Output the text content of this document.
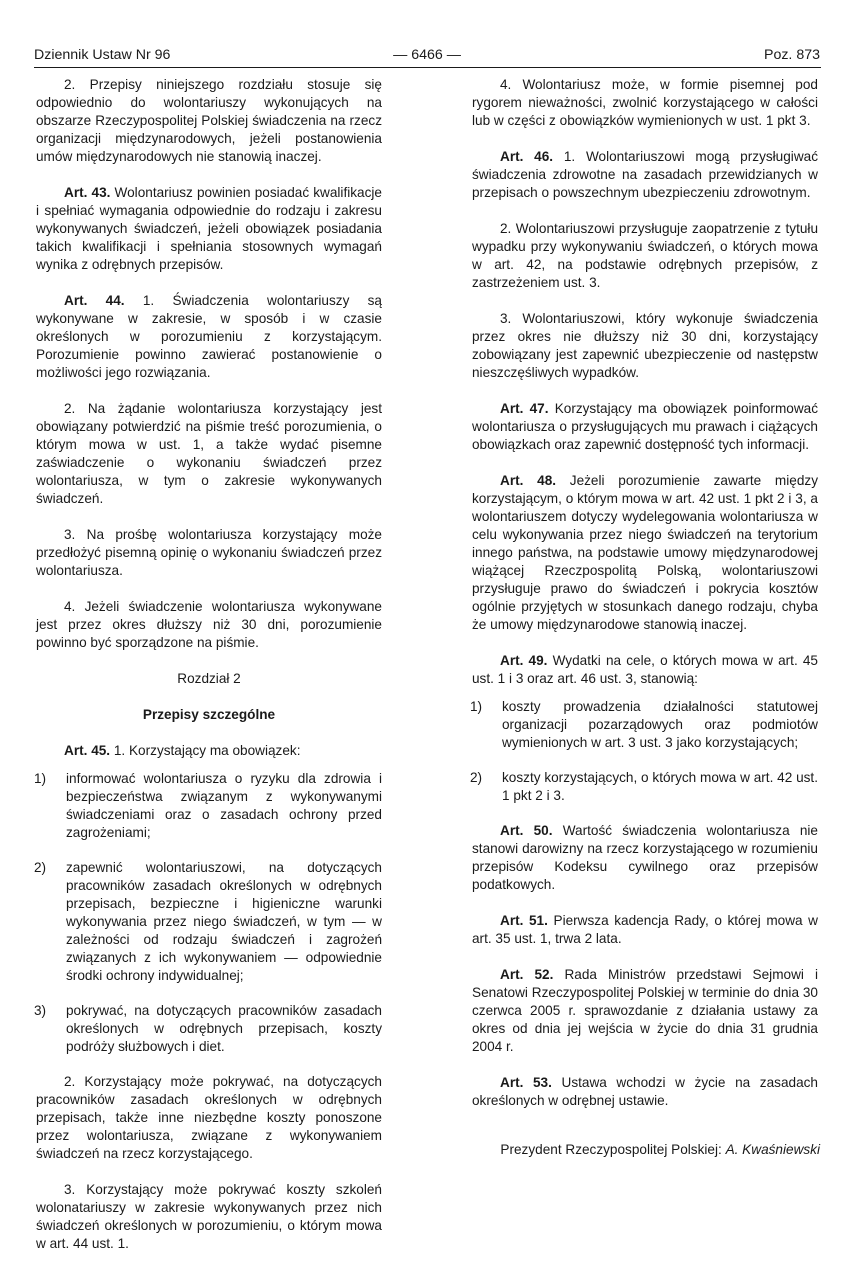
— 6466 —
Dziennik Ustaw Nr 96	Poz. 873

2. Przepisy niniejszego rozdziału stosuje się odpowiednio do wolontariuszy wykonujących na obszarze Rzeczypospolitej Polskiej świadczenia na rzecz organizacji międzynarodowych, jeżeli postanowienia umów międzynarodowych nie stanowią inaczej.

Art. 43. Wolontariusz powinien posiadać kwalifikacje i spełniać wymagania odpowiednie do rodzaju i zakresu wykonywanych świadczeń, jeżeli obowiązek posiadania takich kwalifikacji i spełniania stosownych wymagań wynika z odrębnych przepisów.

Art. 44. 1. Świadczenia wolontariuszy są wykonywane w zakresie, w sposób i w czasie określonych w porozumieniu z korzystającym. Porozumienie powinno zawierać postanowienie o możliwości jego rozwiązania.

2. Na żądanie wolontariusza korzystający jest obowiązany potwierdzić na piśmie treść porozumienia, o którym mowa w ust. 1, a także wydać pisemne zaświadczenie o wykonaniu świadczeń przez wolontariusza, w tym o zakresie wykonywanych świadczeń.

3. Na prośbę wolontariusza korzystający może przedłożyć pisemną opinię o wykonaniu świadczeń przez wolontariusza.

4. Jeżeli świadczenie wolontariusza wykonywane jest przez okres dłuższy niż 30 dni, porozumienie powinno być sporządzone na piśmie.

Rozdział 2
Przepisy szczególne

Art. 45. 1. Korzystający ma obowiązek:

1) informować wolontariusza o ryzyku dla zdrowia i bezpieczeństwa związanym z wykonywanymi świadczeniami oraz o zasadach ochrony przed zagrożeniami;
2) zapewnić wolontariuszowi, na dotyczących pracowników zasadach określonych w odrębnych przepisach, bezpieczne i higieniczne warunki wykonywania przez niego świadczeń, w tym — w zależności od rodzaju świadczeń i zagrożeń związanych z ich wykonywaniem — odpowiednie środki ochrony indywidualnej;
3) pokrywać, na dotyczących pracowników zasadach określonych w odrębnych przepisach, koszty podróży służbowych i diet.

2. Korzystający może pokrywać, na dotyczących pracowników zasadach określonych w odrębnych przepisach, także inne niezbędne koszty ponoszone przez wolontariusza, związane z wykonywaniem świadczeń na rzecz korzystającego.

3. Korzystający może pokrywać koszty szkoleń wolonatariuszy w zakresie wykonywanych przez nich świadczeń określonych w porozumieniu, o którym mowa w art. 44 ust. 1.

4. Wolontariusz może, w formie pisemnej pod rygorem nieważności, zwolnić korzystającego w całości lub w części z obowiązków wymienionych w ust. 1 pkt 3.

Art. 46. 1. Wolontariuszowi mogą przysługiwać świadczenia zdrowotne na zasadach przewidzianych w przepisach o powszechnym ubezpieczeniu zdrowotnym.

2. Wolontariuszowi przysługuje zaopatrzenie z tytułu wypadku przy wykonywaniu świadczeń, o których mowa w art. 42, na podstawie odrębnych przepisów, z zastrzeżeniem ust. 3.

3. Wolontariuszowi, który wykonuje świadczenia przez okres nie dłuższy niż 30 dni, korzystający zobowiązany jest zapewnić ubezpieczenie od następstw nieszczęśliwych wypadków.

Art. 47. Korzystający ma obowiązek poinformować wolontariusza o przysługujących mu prawach i ciążących obowiązkach oraz zapewnić dostępność tych informacji.

Art. 48. Jeżeli porozumienie zawarte między korzystającym, o którym mowa w art. 42 ust. 1 pkt 2 i 3, a wolontariuszem dotyczy wydelegowania wolontariusza w celu wykonywania przez niego świadczeń na terytorium innego państwa, na podstawie umowy międzynarodowej wiążącej Rzeczpospolitą Polską, wolontariuszowi przysługuje prawo do świadczeń i pokrycia kosztów ogólnie przyjętych w stosunkach danego rodzaju, chyba że umowy międzynarodowe stanowią inaczej.

Art. 49. Wydatki na cele, o których mowa w art. 45 ust. 1 i 3 oraz art. 46 ust. 3, stanowią:

1) koszty prowadzenia działalności statutowej organizacji pozarządowych oraz podmiotów wymienionych w art. 3 ust. 3 jako korzystających;
2) koszty korzystających, o których mowa w art. 42 ust. 1 pkt 2 i 3.

Art. 50. Wartość świadczenia wolontariusza nie stanowi darowizny na rzecz korzystającego w rozumieniu przepisów Kodeksu cywilnego oraz przepisów podatkowych.

Art. 51. Pierwsza kadencja Rady, o której mowa w art. 35 ust. 1, trwa 2 lata.

Art. 52. Rada Ministrów przedstawi Sejmowi i Senatowi Rzeczypospolitej Polskiej w terminie do dnia 30 czerwca 2005 r. sprawozdanie z działania ustawy za okres od dnia jej wejścia w życie do dnia 31 grudnia 2004 r.

Art. 53. Ustawa wchodzi w życie na zasadach określonych w odrębnej ustawie.

Prezydent Rzeczypospolitej Polskiej: A. Kwaśniewski
